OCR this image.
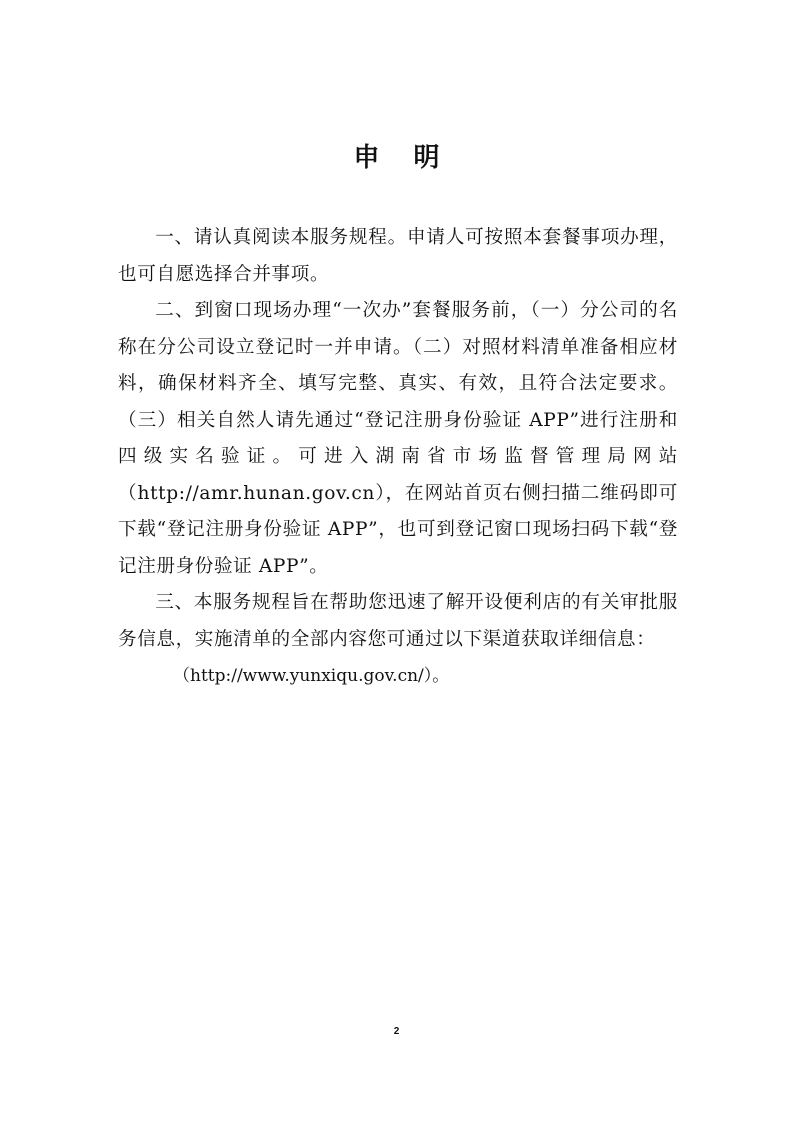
申明

一、请认真阅读本服务规程。申请人可按照本套餐事项办理，也可自愿选择合并事项。

二、到窗口现场办理“一次办”套餐服务前，（一）分公司的名称在分公司设立登记时一并申请。（二）对照材料清单准备相应材料，确保材料齐全、填写完整、真实、有效，且符合法定要求。（三）相关自然人请先通过“登记注册身份验证 APP”进行注册和四级实名验证。可进入湖南省市场监督管理局网站（http://amr.hunan.gov.cn），在网站首页右侧扫描二维码即可下载“登记注册身份验证 APP”，也可到登记窗口现场扫码下载“登记注册身份验证 APP”。

三、本服务规程旨在帮助您迅速了解开设便利店的有关审批服务信息，实施清单的全部内容您可通过以下渠道获取详细信息：

（http://www.yunxiqu.gov.cn/）。

2
